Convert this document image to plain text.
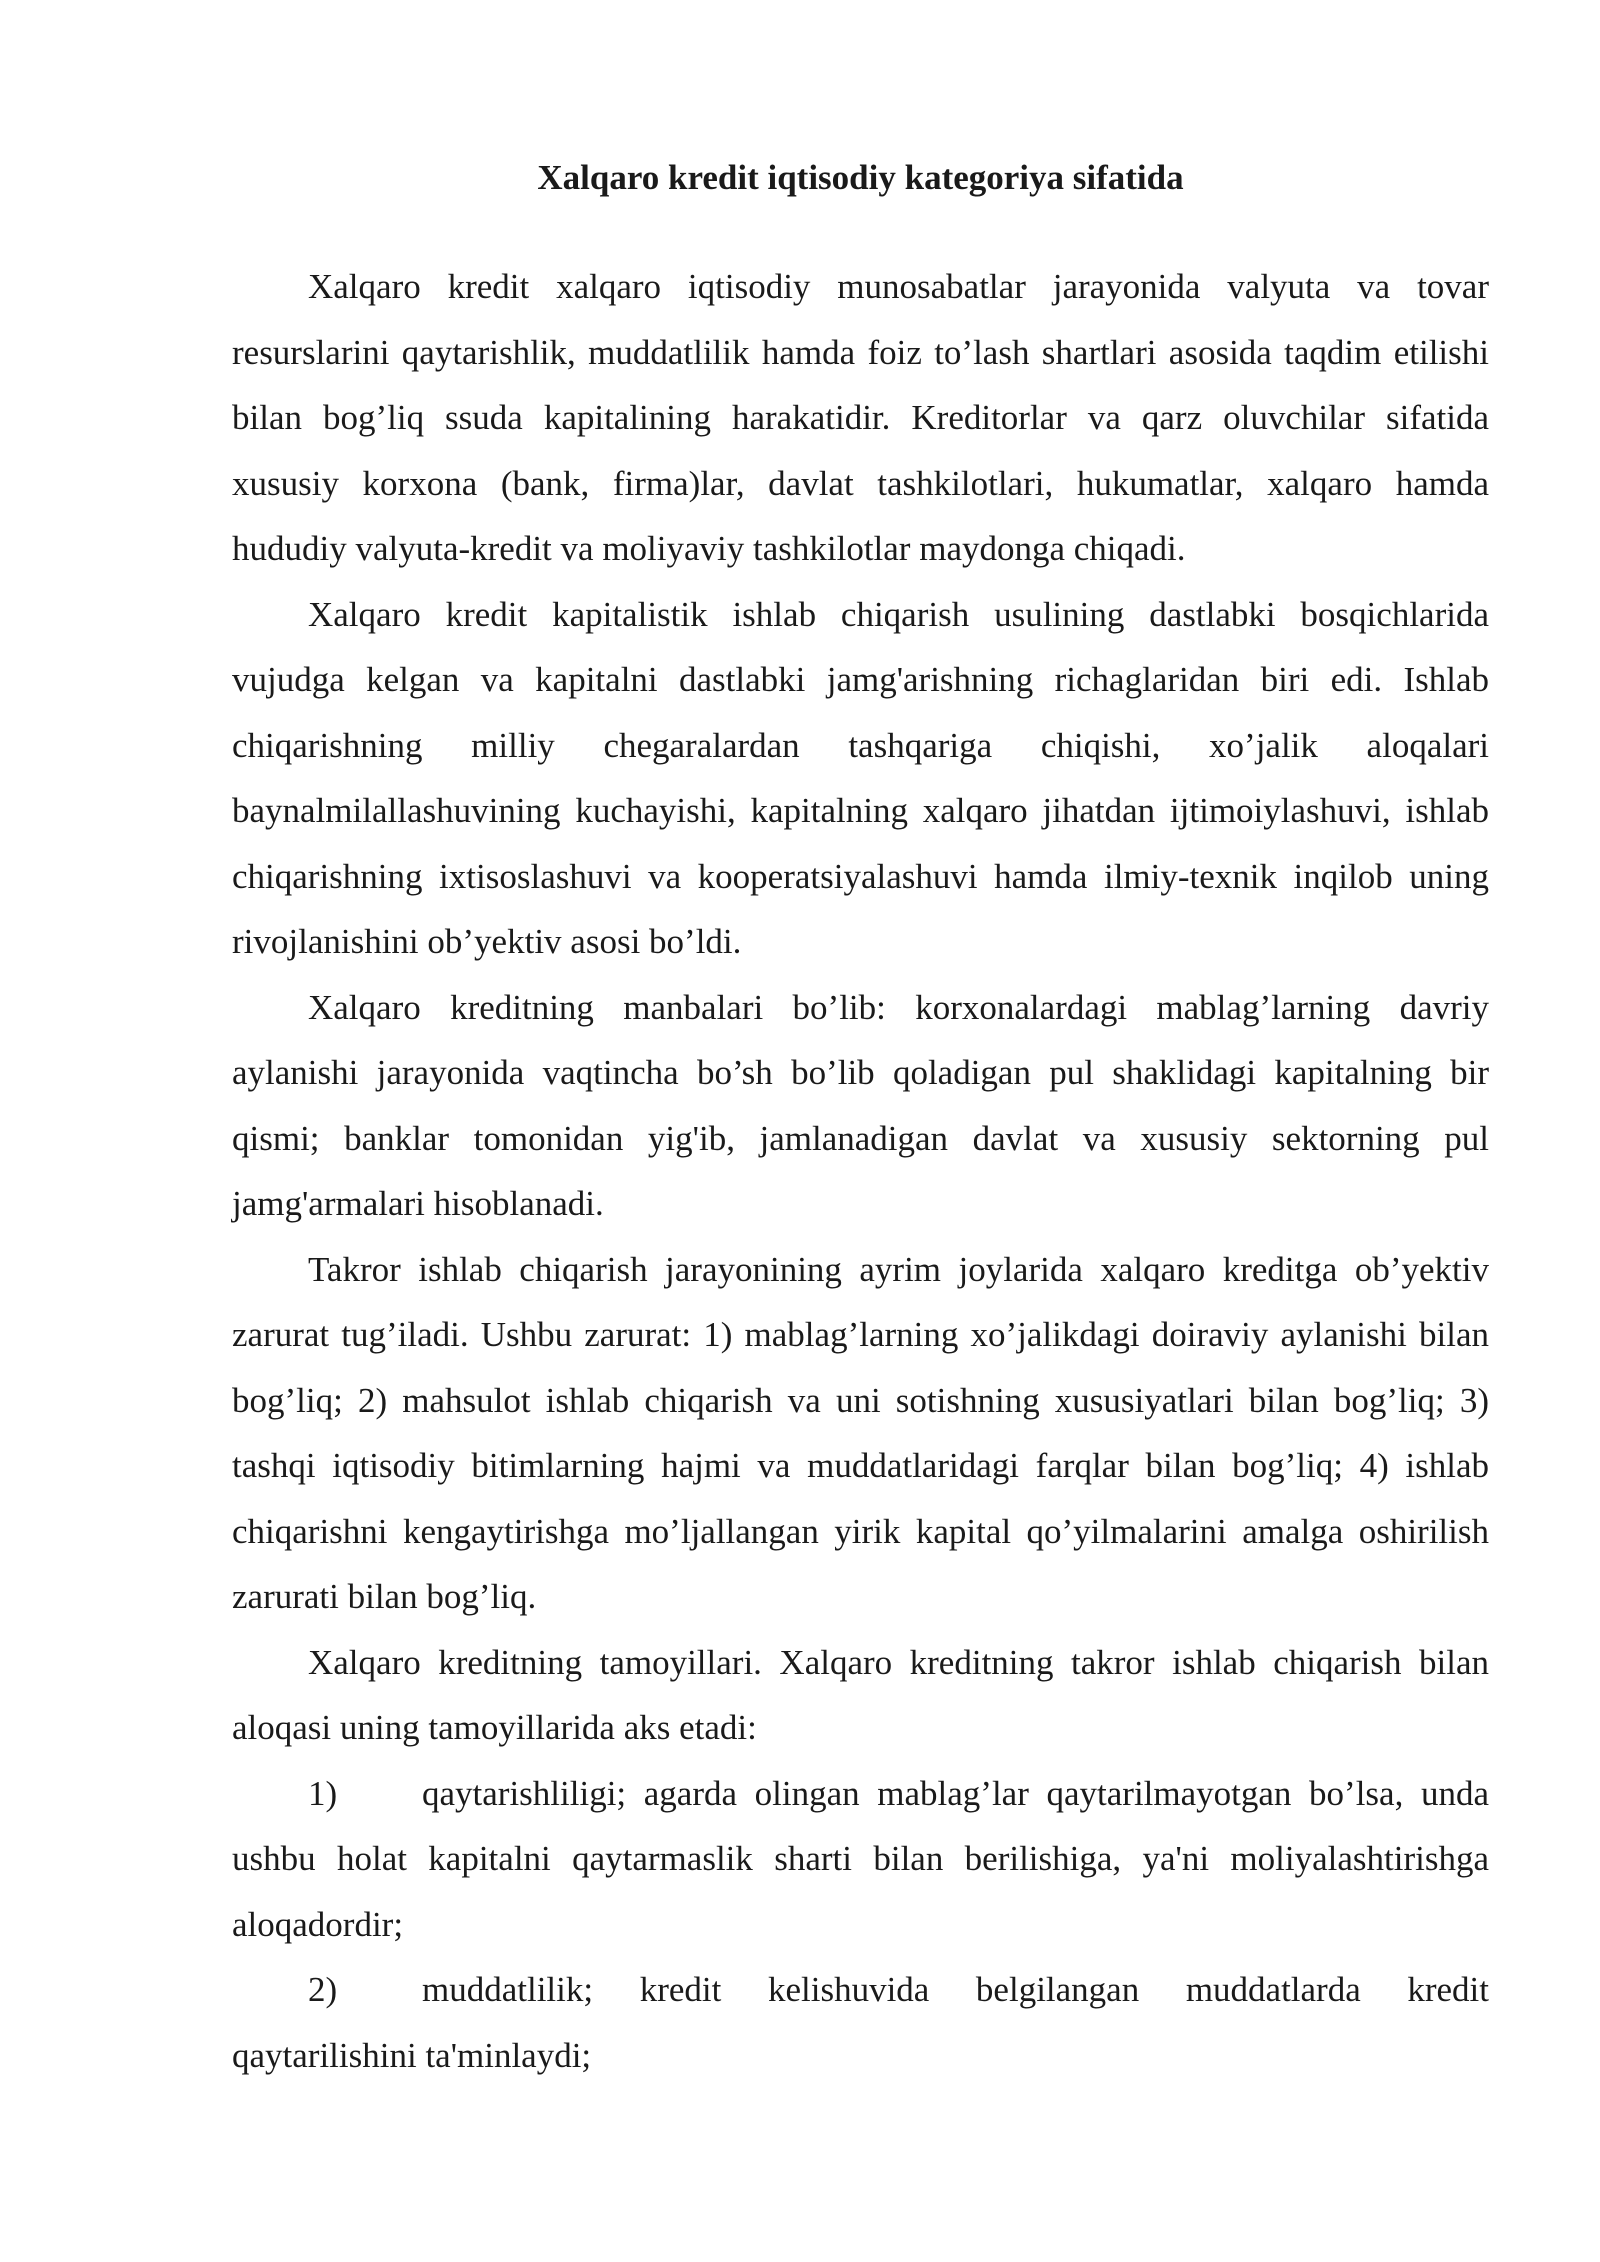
Xalqaro kredit iqtisodiy kategoriya sifatida

Xalqaro kredit xalqaro iqtisodiy munosabatlar jarayonida valyuta va tovar resurslarini qaytarishlik, muddatlilik hamda foiz to’lash shartlari asosida taqdim etilishi bilan bog’liq ssuda kapitalining harakatidir. Kreditorlar va qarz oluvchilar sifatida xususiy korxona (bank, firma)lar, davlat tashkilotlari, hukumatlar, xalqaro hamda hududiy valyuta-kredit va moliyaviy tashkilotlar maydonga chiqadi.

Xalqaro kredit kapitalistik ishlab chiqarish usulining dastlabki bosqichlarida vujudga kelgan va kapitalni dastlabki jamg'arishning richaglaridan biri edi. Ishlab chiqarishning milliy chegaralardan tashqariga chiqishi, xo’jalik aloqalari baynalmilallashuvining kuchayishi, kapitalning xalqaro jihatdan ijtimoiylashuvi, ishlab chiqarishning ixtisoslashuvi va kooperatsiyalashuvi hamda ilmiy-texnik inqilob uning rivojlanishini ob’yektiv asosi bo’ldi.

Xalqaro kreditning manbalari bo’lib: korxonalardagi mablag’larning davriy aylanishi jarayonida vaqtincha bo’sh bo’lib qoladigan pul shaklidagi kapitalning bir qismi; banklar tomonidan yig'ib, jamlanadigan davlat va xususiy sektorning pul jamg'armalari hisoblanadi.

Takror ishlab chiqarish jarayonining ayrim joylarida xalqaro kreditga ob’yektiv zarurat tug’iladi. Ushbu zarurat: 1) mablag’larning xo’jalikdagi doiraviy aylanishi bilan bog’liq; 2) mahsulot ishlab chiqarish va uni sotishning xususiyatlari bilan bog’liq; 3) tashqi iqtisodiy bitimlarning hajmi va muddatlaridagi farqlar bilan bog’liq; 4) ishlab chiqarishni kengaytirishga mo’ljallangan yirik kapital qo’yilmalarini amalga oshirilish zarurati bilan bog’liq.

Xalqaro kreditning tamoyillari. Xalqaro kreditning takror ishlab chiqarish bilan aloqasi uning tamoyillarida aks etadi:

1) qaytarishliligi; agarda olingan mablag’lar qaytarilmayotgan bo’lsa, unda ushbu holat kapitalni qaytarmaslik sharti bilan berilishiga, ya'ni moliyalashtirishga aloqadordir;

2) muddatlilik; kredit kelishuvida belgilangan muddatlarda kredit qaytarilishini ta'minlaydi;
